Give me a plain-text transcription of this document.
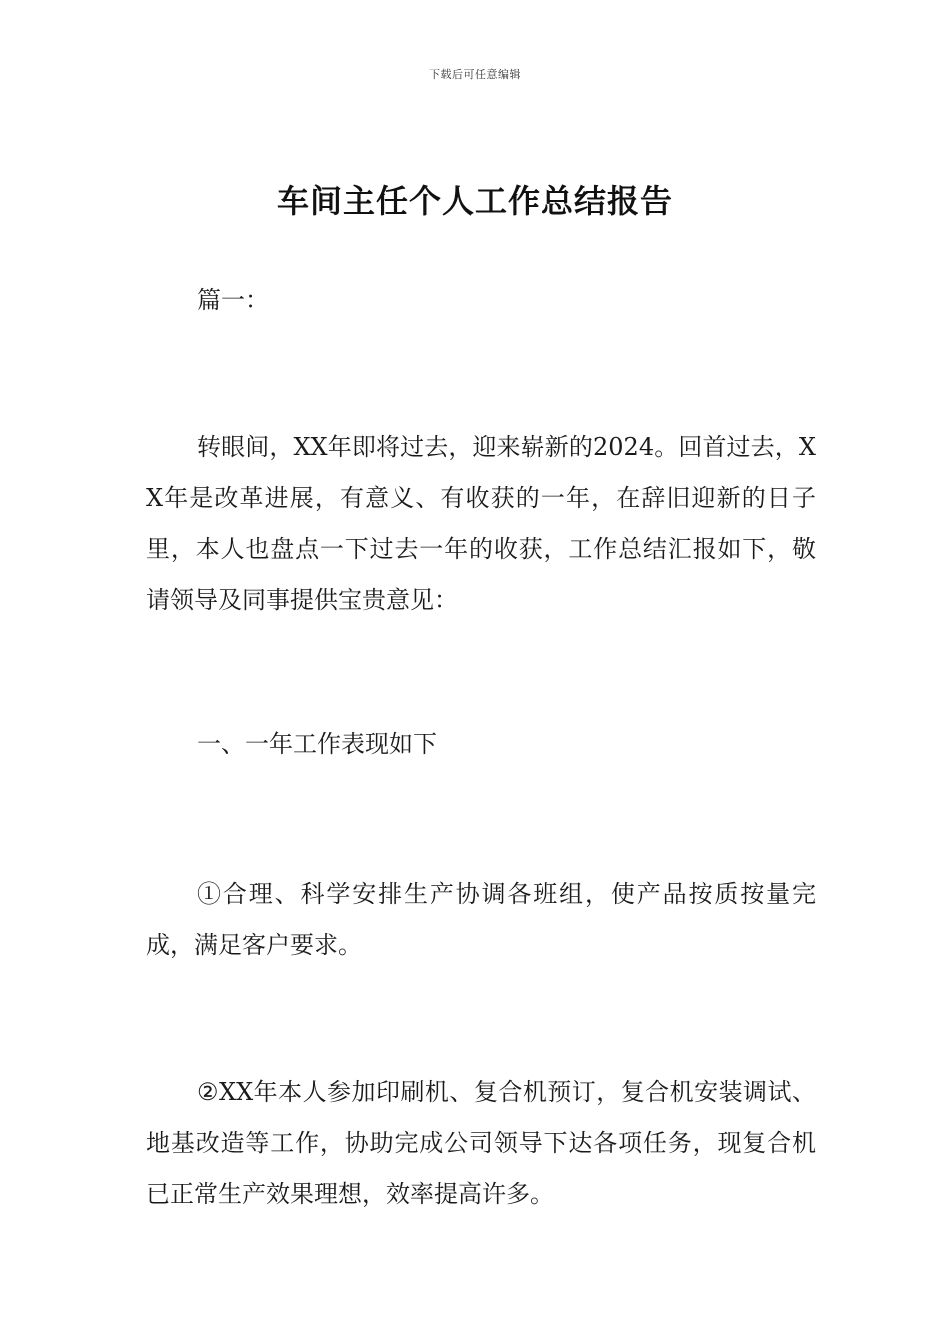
下载后可任意编辑
车间主任个人工作总结报告

篇一：

转眼间，XX年即将过去，迎来崭新的2024。回首过去，XX年是改革进展，有意义、有收获的一年，在辞旧迎新的日子里，本人也盘点一下过去一年的收获，工作总结汇报如下，敬请领导及同事提供宝贵意见：

一、一年工作表现如下

①合理、科学安排生产协调各班组，使产品按质按量完成，满足客户要求。

②XX年本人参加印刷机、复合机预订，复合机安装调试、地基改造等工作，协助完成公司领导下达各项任务，现复合机已正常生产效果理想，效率提高许多。
